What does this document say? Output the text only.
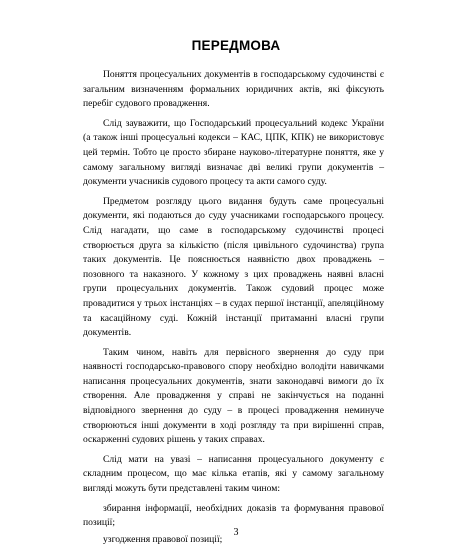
ПЕРЕДМОВА

Поняття процесуальних документів в господарському судочинстві є загальним визначенням формальних юридичних актів, які фіксують перебіг судового провадження.

Слід зауважити, що Господарський процесуальний кодекс України (а також інші процесуальні кодекси – КАС, ЦПК, КПК) не використовує цей термін. Тобто це просто збиране науково-літературне поняття, яке у самому загальному вигляді визначає дві великі групи документів – документи учасників судового процесу та акти самого суду.

Предметом розгляду цього видання будуть саме процесуальні документи, які подаються до суду учасниками господарського процесу. Слід нагадати, що саме в господарському судочинстві процесі створюється друга за кількістю (після цивільного судочинства) група таких документів. Це пояснюється наявністю двох проваджень – позовного та наказного. У кожному з цих проваджень наявні власні групи процесуальних документів. Також судовий процес може провадитися у трьох інстанціях – в судах першої інстанції, апеляційному та касаційному суді. Кожній інстанції притаманні власні групи документів.

Таким чином, навіть для первісного звернення до суду при наявності господарсько-правового спору необхідно володіти навичками написання процесуальних документів, знати законодавчі вимоги до їх створення. Але провадження у справі не закінчується на поданні відповідного звернення до суду – в процесі провадження неминуче створюються інші документи в ході розгляду та при вирішенні справ, оскарженні судових рішень у таких справах.

Слід мати на увазі – написання процесуального документу є складним процесом, що має кілька етапів, які у самому загальному вигляді можуть бути представлені таким чином:

збирання інформації, необхідних доказів та формування правової позиції;

узгодження правової позиції;

3
